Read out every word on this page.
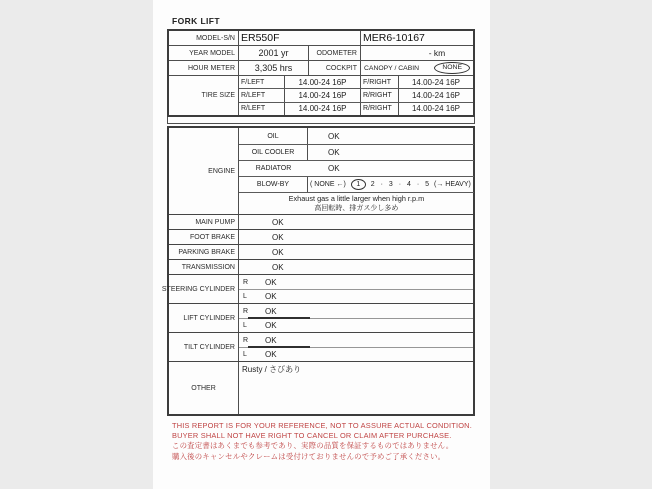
FORK LIFT
MODEL-S/N ER550F	MER6-10167
YEAR MODEL	2001 yr	ODOMETER	- km
HOUR METER	3,305 hrs	COCKPIT	CANOPY / CABIN	NONE
TIRE SIZE
F/LEFT	14.00-24 16P	F/RIGHT	14.00-24 16P
R/LEFT	14.00-24 16P	R/RIGHT	14.00-24 16P
R/LEFT	14.00-24 16P	R/RIGHT	14.00-24 16P
ENGINE
OIL	OK
OIL COOLER	OK
RADIATOR	OK
BLOW-BY	( NONE ←)	1	2 · 3 · 4 · 5 (→ HEAVY)
Exhaust gas a little larger when high r.p.m
高回転時、排ガス少し多め
MAIN PUMP	OK
FOOT BRAKE	OK
PARKING BRAKE	OK
TRANSMISSION	OK
STEERING CYLINDER
R	OK
L	OK
LIFT CYLINDER
R	OK
L	OK
TILT CYLINDER
R	OK
L	OK
OTHER
Rusty / さびあり
THIS REPORT IS FOR YOUR REFERENCE, NOT TO ASSURE ACTUAL CONDITION.
BUYER SHALL NOT HAVE RIGHT TO CANCEL OR CLAIM AFTER PURCHASE.
この査定書はあくまでも参考であり、実際の品質を保証するものではありません。
購入後のキャンセルやクレームは受付けておりませんので予めご了承ください。
